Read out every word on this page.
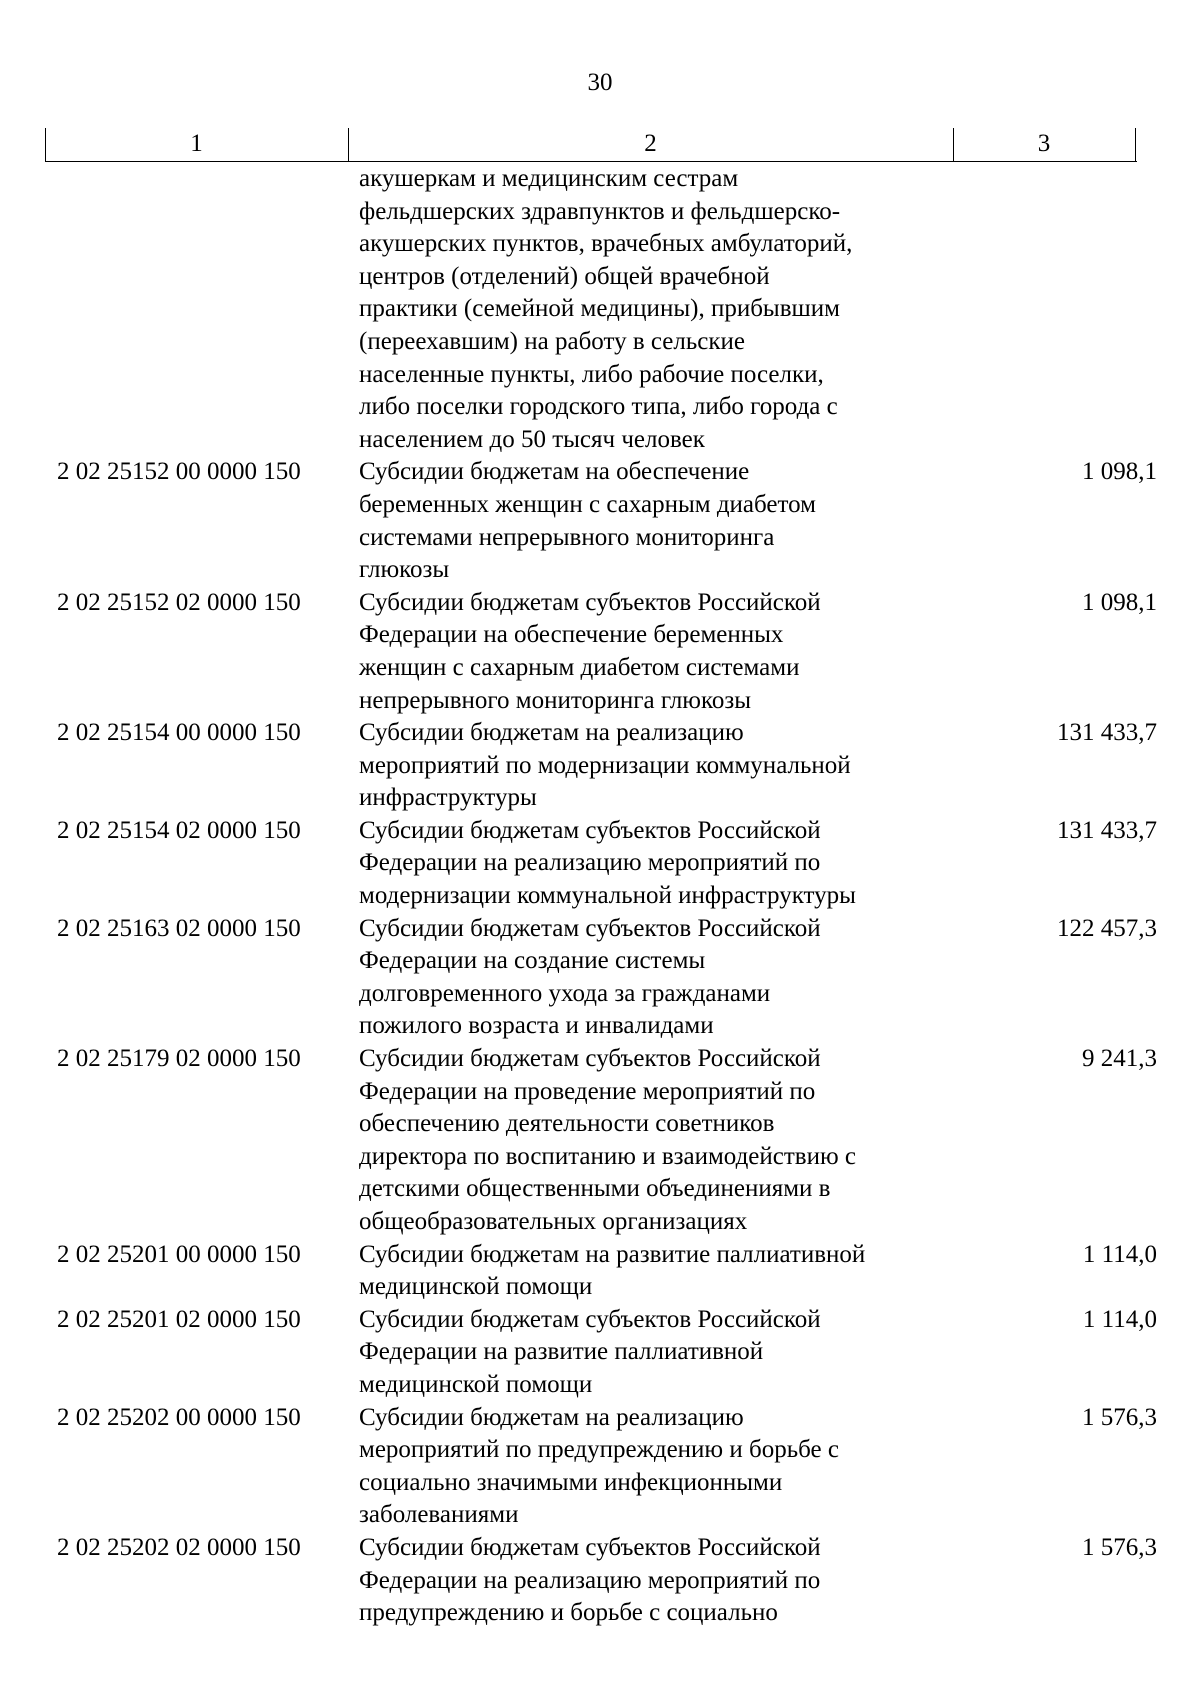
30
1	2	3
акушеркам и медицинским сестрам
фельдшерских здравпунктов и фельдшерско-
акушерских пунктов, врачебных амбулаторий,
центров (отделений) общей врачебной
практики (семейной медицины), прибывшим
(переехавшим) на работу в сельские
населенные пункты, либо рабочие поселки,
либо поселки городского типа, либо города с
населением до 50 тысяч человек
2 02 25152 00 0000 150	Субсидии бюджетам на обеспечение
беременных женщин с сахарным диабетом
системами непрерывного мониторинга
глюкозы
1 098,1
2 02 25152 02 0000 150	Субсидии бюджетам субъектов Российской
Федерации на обеспечение беременных
женщин с сахарным диабетом системами
непрерывного мониторинга глюкозы
1 098,1
2 02 25154 00 0000 150	Субсидии бюджетам на реализацию
мероприятий по модернизации коммунальной
инфраструктуры
131 433,7
2 02 25154 02 0000 150	Субсидии бюджетам субъектов Российской
Федерации на реализацию мероприятий по
модернизации коммунальной инфраструктуры
131 433,7
2 02 25163 02 0000 150	Субсидии бюджетам субъектов Российской
Федерации на создание системы
долговременного ухода за гражданами
пожилого возраста и инвалидами
122 457,3
2 02 25179 02 0000 150	Субсидии бюджетам субъектов Российской
Федерации на проведение мероприятий по
обеспечению деятельности советников
директора по воспитанию и взаимодействию с
детскими общественными объединениями в
общеобразовательных организациях
9 241,3
2 02 25201 00 0000 150	Субсидии бюджетам на развитие паллиативной
медицинской помощи
1 114,0
2 02 25201 02 0000 150	Субсидии бюджетам субъектов Российской
Федерации на развитие паллиативной
медицинской помощи
1 114,0
2 02 25202 00 0000 150	Субсидии бюджетам на реализацию
мероприятий по предупреждению и борьбе с
социально значимыми инфекционными
заболеваниями
1 576,3
2 02 25202 02 0000 150	Субсидии бюджетам субъектов Российской
Федерации на реализацию мероприятий по
предупреждению и борьбе с социально
1 576,3
